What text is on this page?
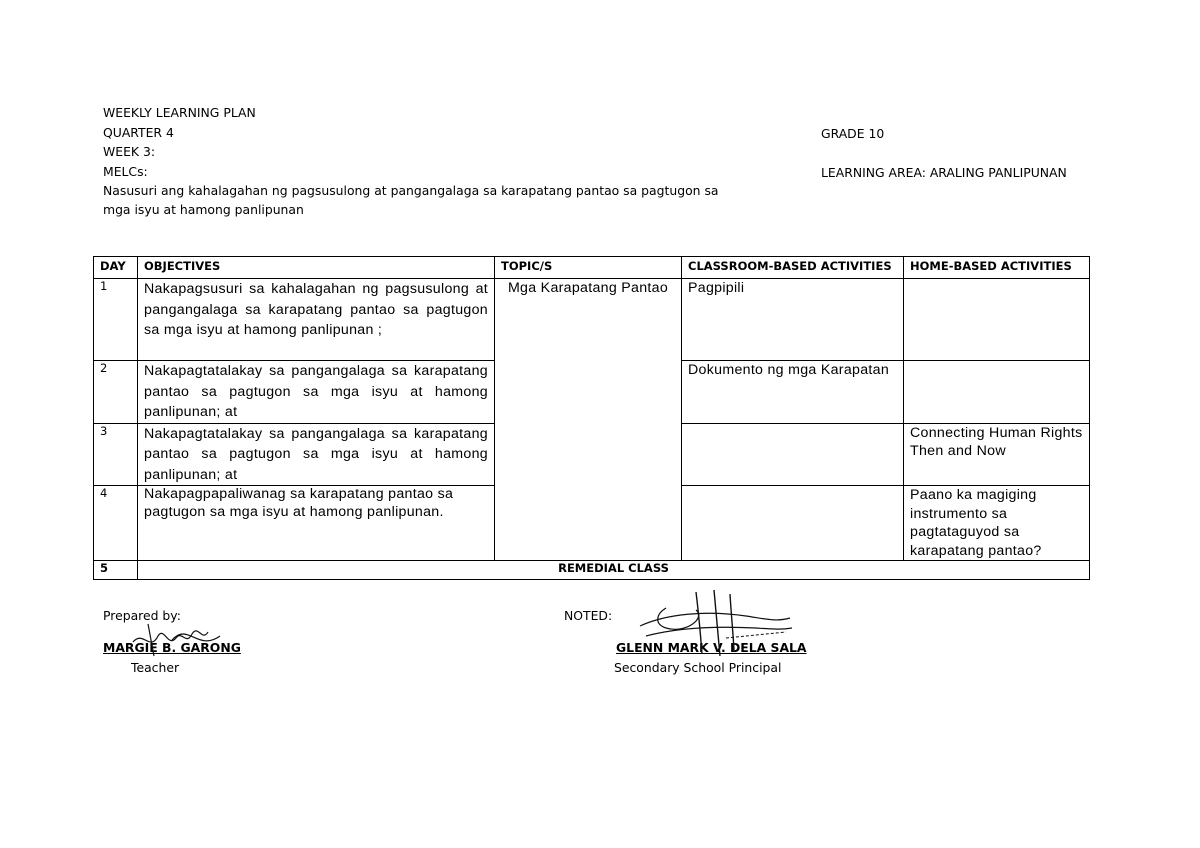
WEEKLY LEARNING PLAN
QUARTER 4
WEEK 3:
MELCs:
Nasusuri ang kahalagahan ng pagsusulong at pangangalaga sa karapatang pantao sa pagtugon sa
mga isyu at hamong panlipunan
GRADE 10
LEARNING AREA: ARALING PANLIPUNAN
DAY	OBJECTIVES	TOPIC/S	CLASSROOM-BASED ACTIVITIES	HOME-BASED ACTIVITIES
1	Nakapagsusuri sa kahalagahan ng pagsusulong at pangangalaga sa karapatang pantao sa pagtugon sa mga isyu at hamong panlipunan ;	Mga Karapatang Pantao	Pagpipili	
2	Nakapagtatalakay sa pangangalaga sa karapatang pantao sa pagtugon sa mga isyu at hamong panlipunan; at		Dokumento ng mga Karapatan	
3	Nakapagtatalakay sa pangangalaga sa karapatang pantao sa pagtugon sa mga isyu at hamong panlipunan; at			Connecting Human Rights Then and Now
4	Nakapagpapaliwanag sa karapatang pantao sa pagtugon sa mga isyu at hamong panlipunan.			Paano ka magiging instrumento sa pagtataguyod sa karapatang pantao?
5	REMEDIAL CLASS			
Prepared by:
MARGIE B. GARONG
Teacher
NOTED:
GLENN MARK V. DELA SALA
Secondary School Principal
